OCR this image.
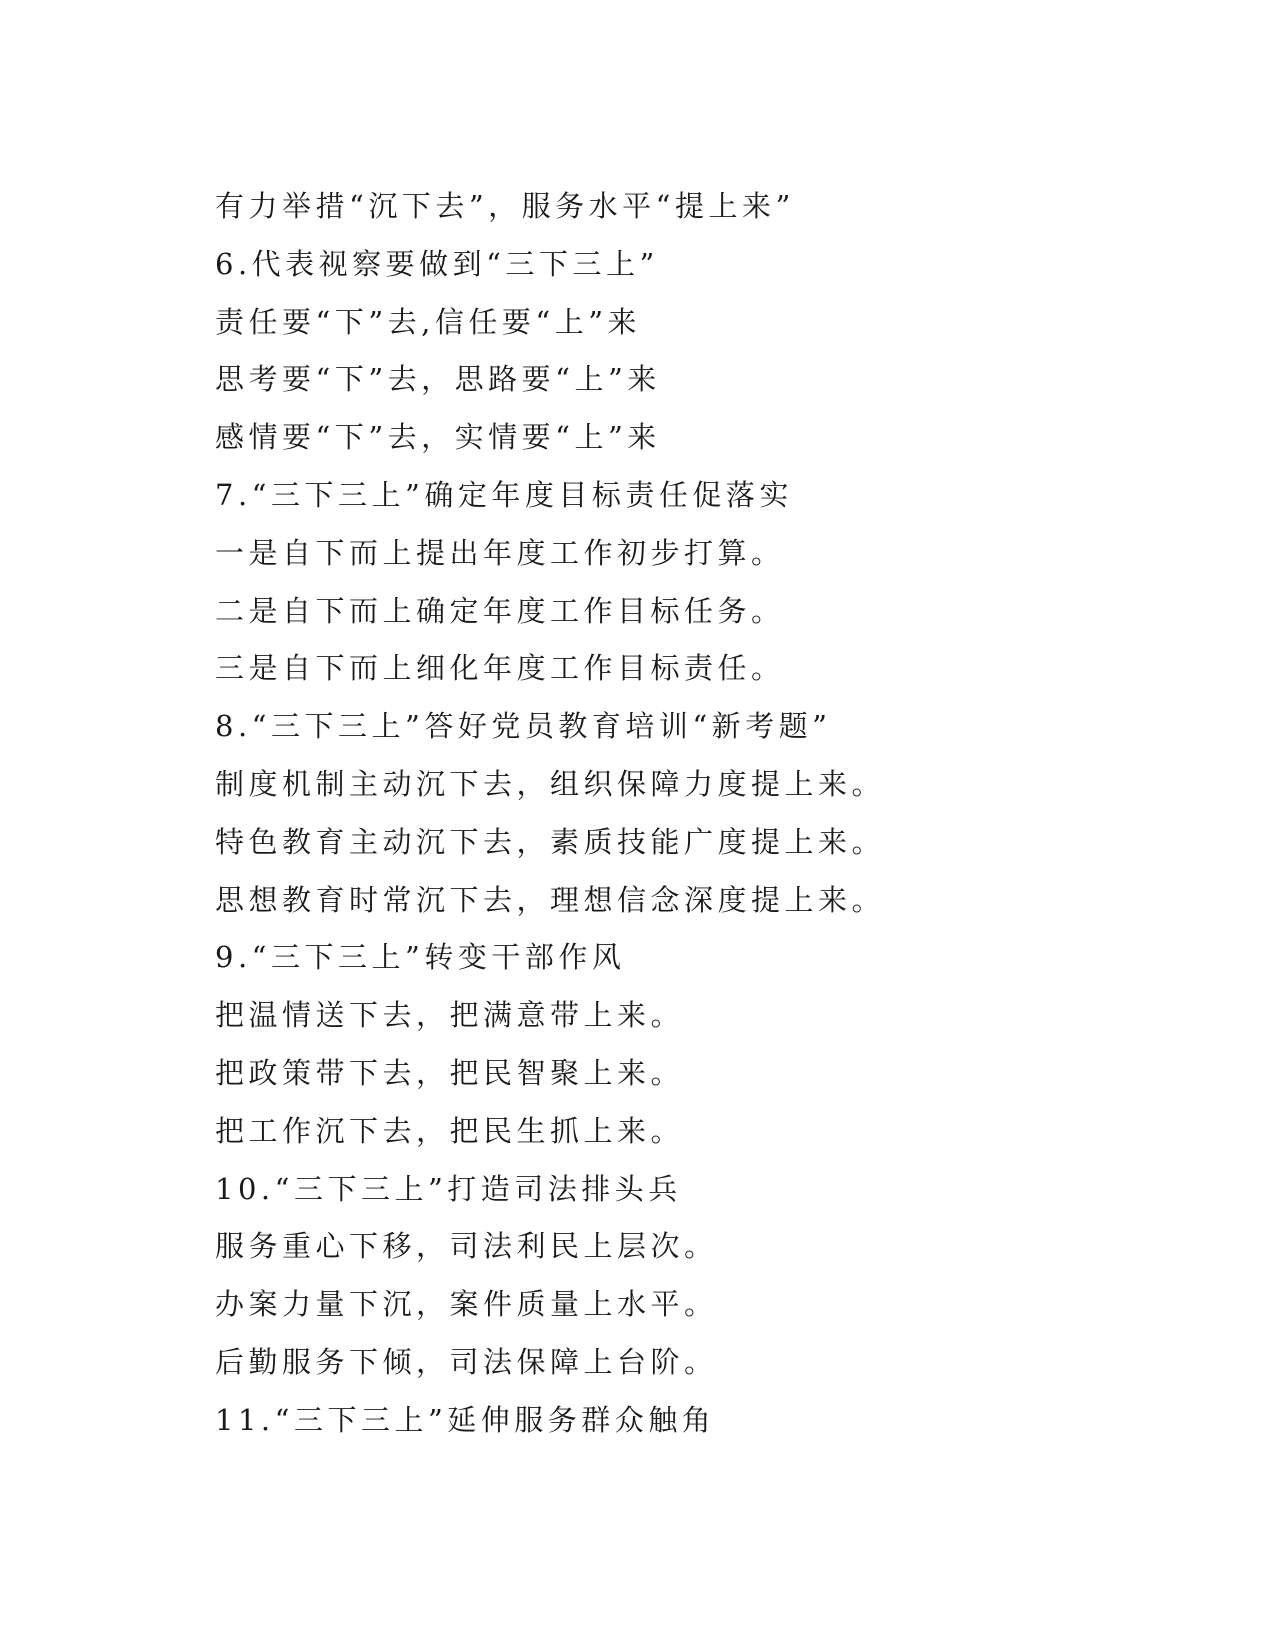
有力举措“沉下去”，服务水平“提上来”
6.代表视察要做到“三下三上”
责任要“下”去,信任要“上”来
思考要“下”去，思路要“上”来
感情要“下”去，实情要“上”来
7.“三下三上”确定年度目标责任促落实
一是自下而上提出年度工作初步打算。
二是自下而上确定年度工作目标任务。
三是自下而上细化年度工作目标责任。
8.“三下三上”答好党员教育培训“新考题”
制度机制主动沉下去，组织保障力度提上来。
特色教育主动沉下去，素质技能广度提上来。
思想教育时常沉下去，理想信念深度提上来。
9.“三下三上”转变干部作风
把温情送下去，把满意带上来。
把政策带下去，把民智聚上来。
把工作沉下去，把民生抓上来。
10.“三下三上”打造司法排头兵
服务重心下移，司法利民上层次。
办案力量下沉，案件质量上水平。
后勤服务下倾，司法保障上台阶。
11.“三下三上”延伸服务群众触角
